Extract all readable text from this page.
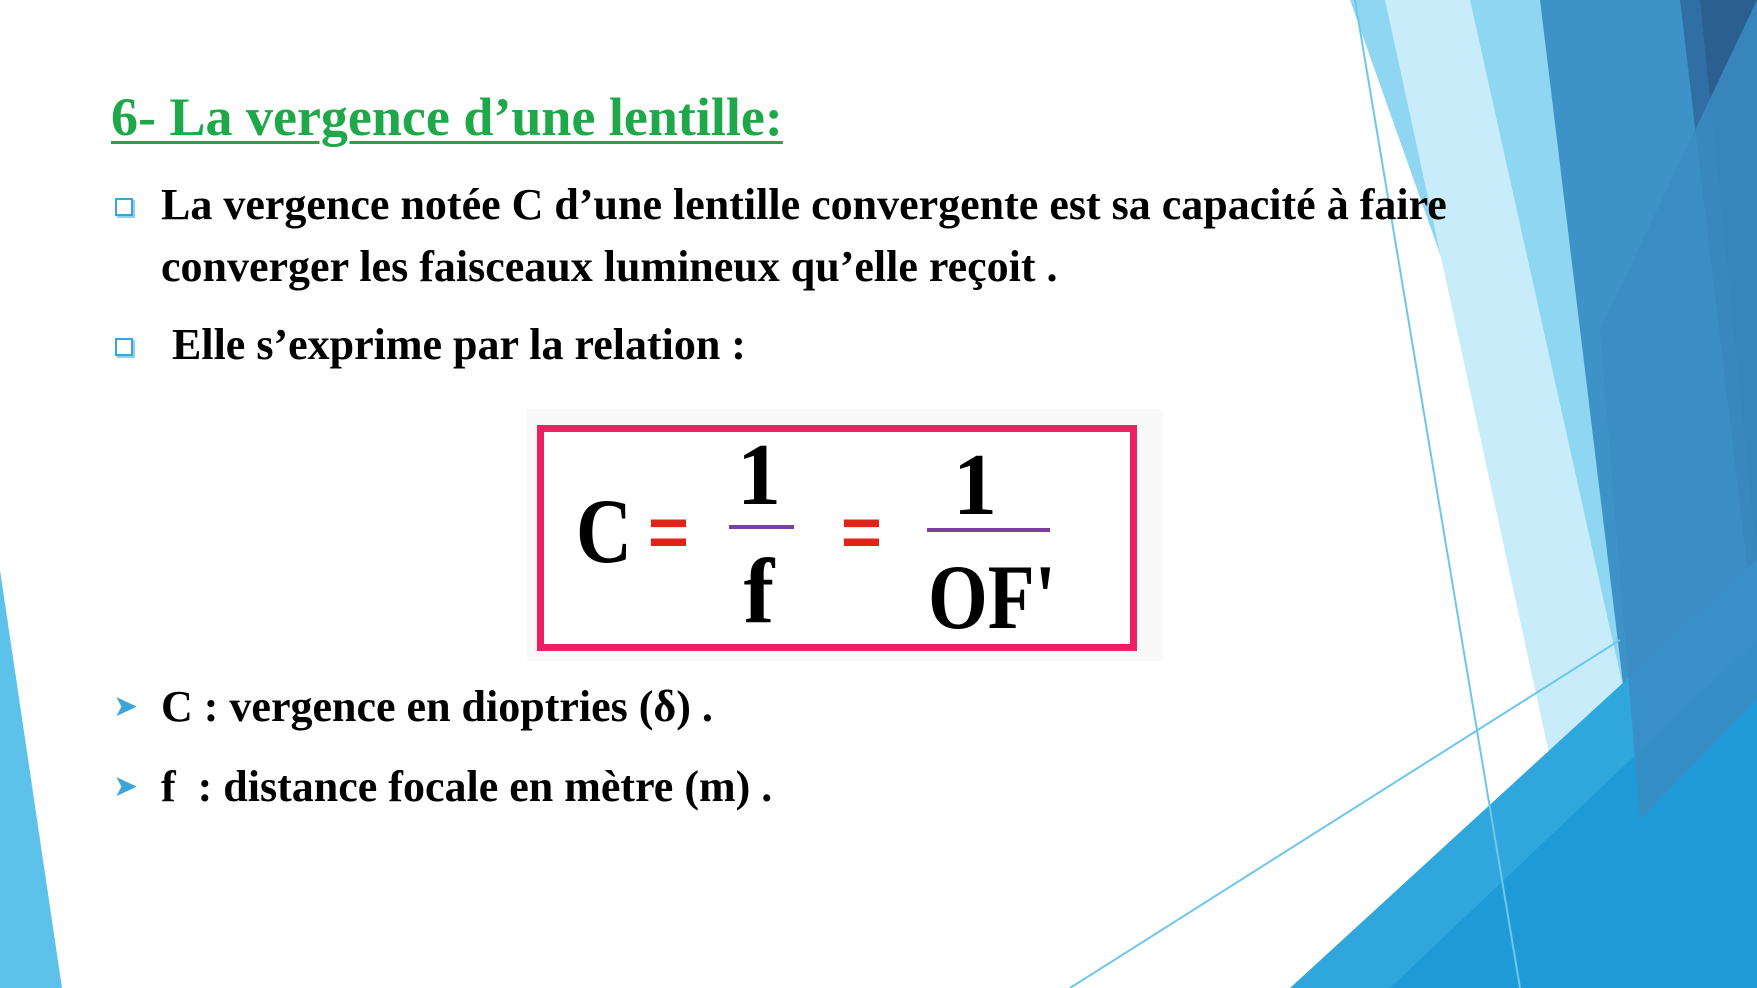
6- La vergence d’une lentille:
La vergence notée C d’une lentille convergente est sa capacité à faire converger les faisceaux lumineux qu’elle reçoit .
Elle s’exprime par la relation :
C =
1
f
= 1
OF'
➤ C : vergence en dioptries (δ) .
➤ f  : distance focale en mètre (m) .
